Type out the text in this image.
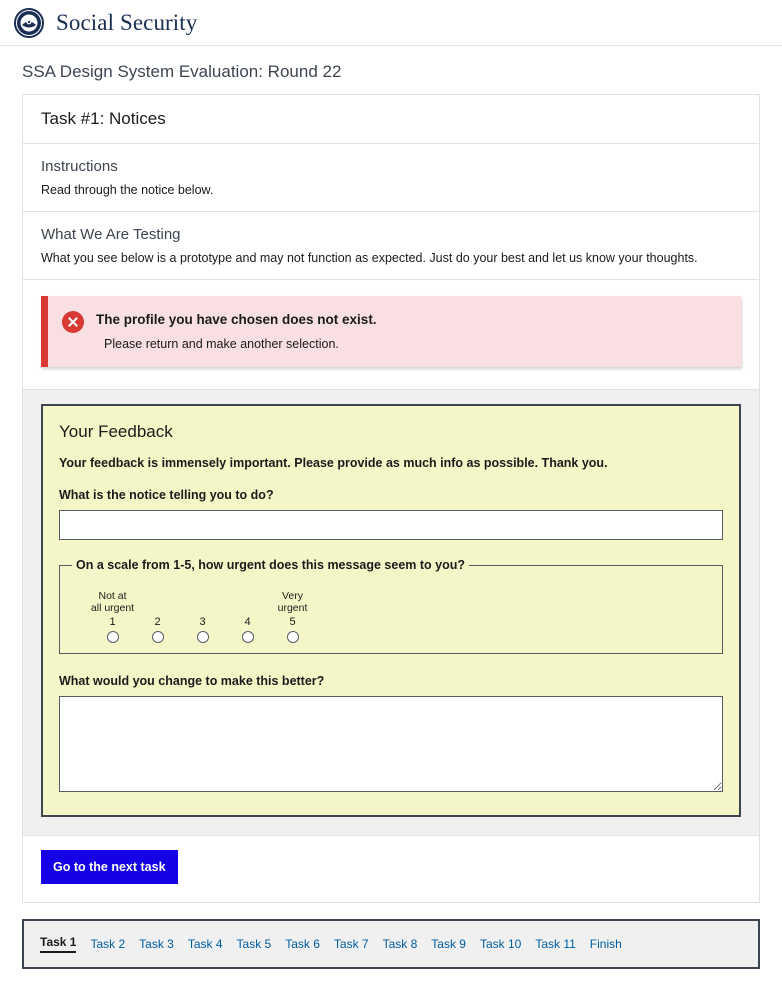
Social Security
SSA Design System Evaluation: Round 22
Task #1: Notices
Instructions

Read through the notice below.

What We Are Testing

What you see below is a prototype and may not function as expected. Just do your best and let us know your thoughts.

The profile you have chosen does not exist.
Please return and make another selection.
Your Feedback

Your feedback is immensely important. Please provide as much info as possible. Thank you.

What is the notice telling you to do?
On a scale from 1-5, how urgent does this message seem to you?
Not at
all urgent
1	2	3	4
Very
urgent
5
What would you change to make this better?
Go to the next task
Task 1 Task 2 Task 3 Task 4 Task 5 Task 6 Task 7 Task 8 Task 9 Task 10 Task 11 Finish
